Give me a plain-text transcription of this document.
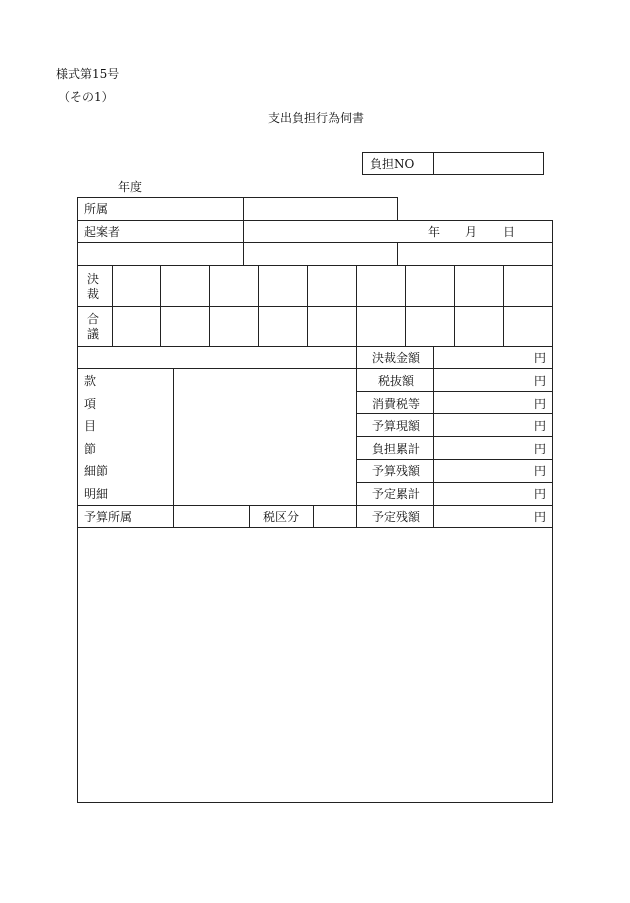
様式第15号
（その1）
支出負担行為伺書
負担NO
年度
所属
起案者	年 月 日
決
裁
合
議
款
項
目
節
細節
明細
決裁金額
税抜額
消費税等
予算現額
負担累計
予算残額
予定累計
予定残額
円
円
円
円
円
円
円
円
予算所属	税区分
